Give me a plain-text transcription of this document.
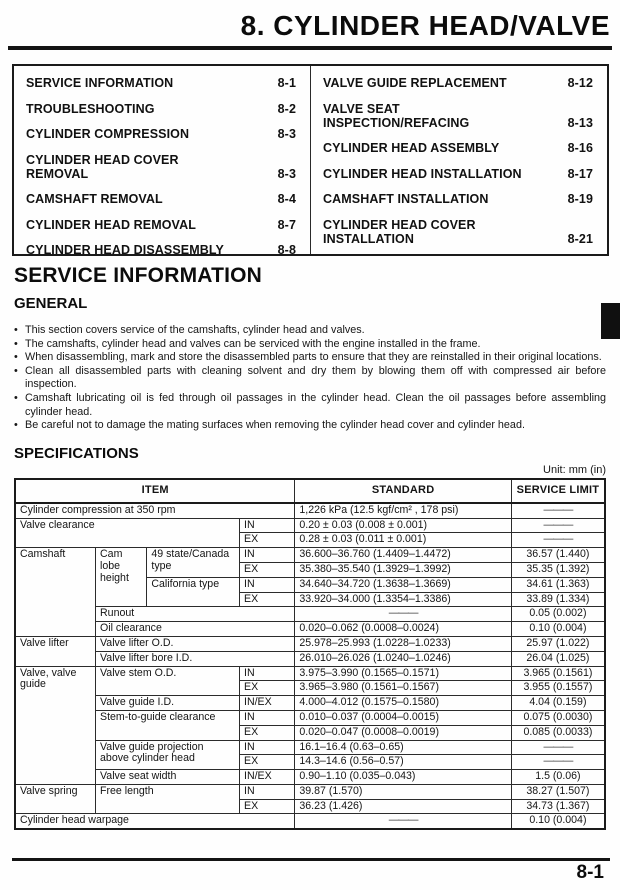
8. CYLINDER HEAD/VALVE
SERVICE INFORMATION	8-1
TROUBLESHOOTING	8-2
CYLINDER COMPRESSION	8-3
CYLINDER HEAD COVER REMOVAL	8-3
CAMSHAFT REMOVAL	8-4
CYLINDER HEAD REMOVAL	8-7
CYLINDER HEAD DISASSEMBLY	8-8
VALVE GUIDE REPLACEMENT	8-12
VALVE SEAT INSPECTION/REFACING	8-13
CYLINDER HEAD ASSEMBLY	8-16
CYLINDER HEAD INSTALLATION	8-17
CAMSHAFT INSTALLATION	8-19
CYLINDER HEAD COVER INSTALLATION	8-21
SERVICE INFORMATION
GENERAL
• This section covers service of the camshafts, cylinder head and valves.
• The camshafts, cylinder head and valves can be serviced with the engine installed in the frame.
• When disassembling, mark and store the disassembled parts to ensure that they are reinstalled in their original locations.
• Clean all disassembled parts with cleaning solvent and dry them by blowing them off with compressed air before inspection.
• Camshaft lubricating oil is fed through oil passages in the cylinder head. Clean the oil passages before assembling cylinder head.
• Be careful not to damage the mating surfaces when removing the cylinder head cover and cylinder head.
SPECIFICATIONS
Unit: mm (in)
ITEM				STANDARD	SERVICE LIMIT
Cylinder compression at 350 rpm				1,226 kPa (12.5 kgf/cm² , 178 psi)	———
Valve clearance			IN	0.20 ± 0.03 (0.008 ± 0.001)	———
			EX	0.28 ± 0.03 (0.011 ± 0.001)	———
Camshaft	Cam lobe height	49 state/Canada type	IN	36.600–36.760 (1.4409–1.4472)	36.57 (1.440)
			EX	35.380–35.540 (1.3929–1.3992)	35.35 (1.392)
		California type	IN	34.640–34.720 (1.3638–1.3669)	34.61 (1.363)
			EX	33.920–34.000 (1.3354–1.3386)	33.89 (1.334)
	Runout			———	0.05 (0.002)
	Oil clearance			0.020–0.062 (0.0008–0.0024)	0.10 (0.004)
Valve lifter	Valve lifter O.D.			25.978–25.993 (1.0228–1.0233)	25.97 (1.022)
	Valve lifter bore I.D.			26.010–26.026 (1.0240–1.0246)	26.04 (1.025)
Valve, valve guide	Valve stem O.D.		IN	3.975–3.990 (0.1565–0.1571)	3.965 (0.1561)
			EX	3.965–3.980 (0.1561–0.1567)	3.955 (0.1557)
	Valve guide I.D.		IN/EX	4.000–4.012 (0.1575–0.1580)	4.04 (0.159)
	Stem-to-guide clearance		IN	0.010–0.037 (0.0004–0.0015)	0.075 (0.0030)
			EX	0.020–0.047 (0.0008–0.0019)	0.085 (0.0033)
	Valve guide projection above cylinder head		IN	16.1–16.4 (0.63–0.65)	———
			EX	14.3–14.6 (0.56–0.57)	———
	Valve seat width		IN/EX	0.90–1.10 (0.035–0.043)	1.5 (0.06)
Valve spring	Free length		IN	39.87 (1.570)	38.27 (1.507)
			EX	36.23 (1.426)	34.73 (1.367)
Cylinder head warpage				———	0.10 (0.004)
8-1
